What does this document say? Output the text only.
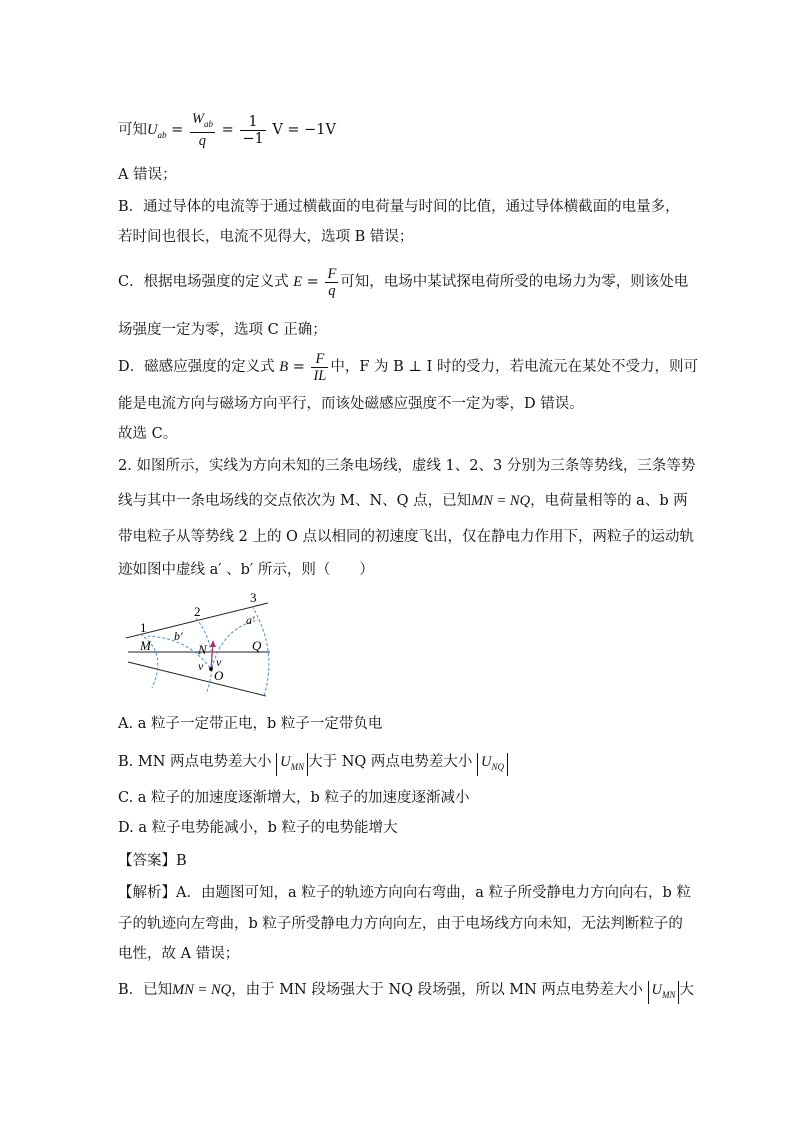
可知$U_{ab} = \frac{W_{ab}}{q} = \frac{1}{-1}$ V = −1V
A 错误；
B．通过导体的电流等于通过横截面的电荷量与时间的比值，通过导体横截面的电量多，
若时间也很长，电流不见得大，选项 B 错误；
C．根据电场强度的定义式 $E = \frac{F}{q}$ 可知，电场中某试探电荷所受的电场力为零，则该处电
场强度一定为零，选项 C 正确；
D．磁感应强度的定义式 $B = \frac{F}{IL}$ 中，F 为 B ⊥ I 时的受力，若电流元在某处不受力，则可
能是电流方向与磁场方向平行，而该处磁感应强度不一定为零，D 错误。
故选 C。
2. 如图所示，实线为方向未知的三条电场线，虚线 1、2、3 分别为三条等势线，三条等势
线与其中一条电场线的交点依次为 M、N、Q 点，已知MN = NQ，电荷量相等的 a、b 两
带电粒子从等势线 2 上的 O 点以相同的初速度飞出，仅在静电力作用下，两粒子的运动轨
迹如图中虚线 a′ 、b′ 所示，则（　　）
1
2
3
M	N	Q
O
a′
b′
v v
A. a 粒子一定带正电，b 粒子一定带负电
B. MN 两点电势差大小 $U_{MN}$ 大于 NQ 两点电势差大小 $U_{NQ}$
C. a 粒子的加速度逐渐增大，b 粒子的加速度逐渐减小
D. a 粒子电势能减小，b 粒子的电势能增大
【答案】B
【解析】A．由题图可知，a 粒子的轨迹方向向右弯曲，a 粒子所受静电力方向向右，b 粒
子的轨迹向左弯曲，b 粒子所受静电力方向向左，由于电场线方向未知，无法判断粒子的
电性，故 A 错误；
B．已知MN = NQ，由于 MN 段场强大于 NQ 段场强，所以 MN 两点电势差大小 $U_{MN}$ 大
